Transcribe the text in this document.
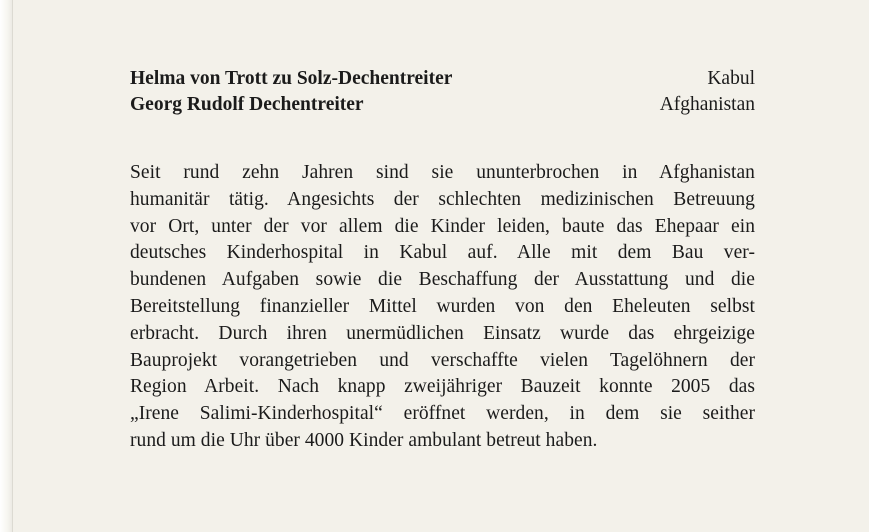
Helma von Trott zu Solz-Dechentreiter	Kabul
Georg Rudolf Dechentreiter	Afghanistan
Seit rund zehn Jahren sind sie ununterbrochen in Afghanistan
humanitär tätig. Angesichts der schlechten medizinischen Betreuung
vor Ort, unter der vor allem die Kinder leiden, baute das Ehepaar ein
deutsches Kinderhospital in Kabul auf. Alle mit dem Bau ver-
bundenen Aufgaben sowie die Beschaffung der Ausstattung und die
Bereitstellung finanzieller Mittel wurden von den Eheleuten selbst
erbracht. Durch ihren unermüdlichen Einsatz wurde das ehrgeizige
Bauprojekt vorangetrieben und verschaffte vielen Tagelöhnern der
Region Arbeit. Nach knapp zweijähriger Bauzeit konnte 2005 das
„Irene Salimi-Kinderhospital“ eröffnet werden, in dem sie seither
rund um die Uhr über 4000 Kinder ambulant betreut haben.
